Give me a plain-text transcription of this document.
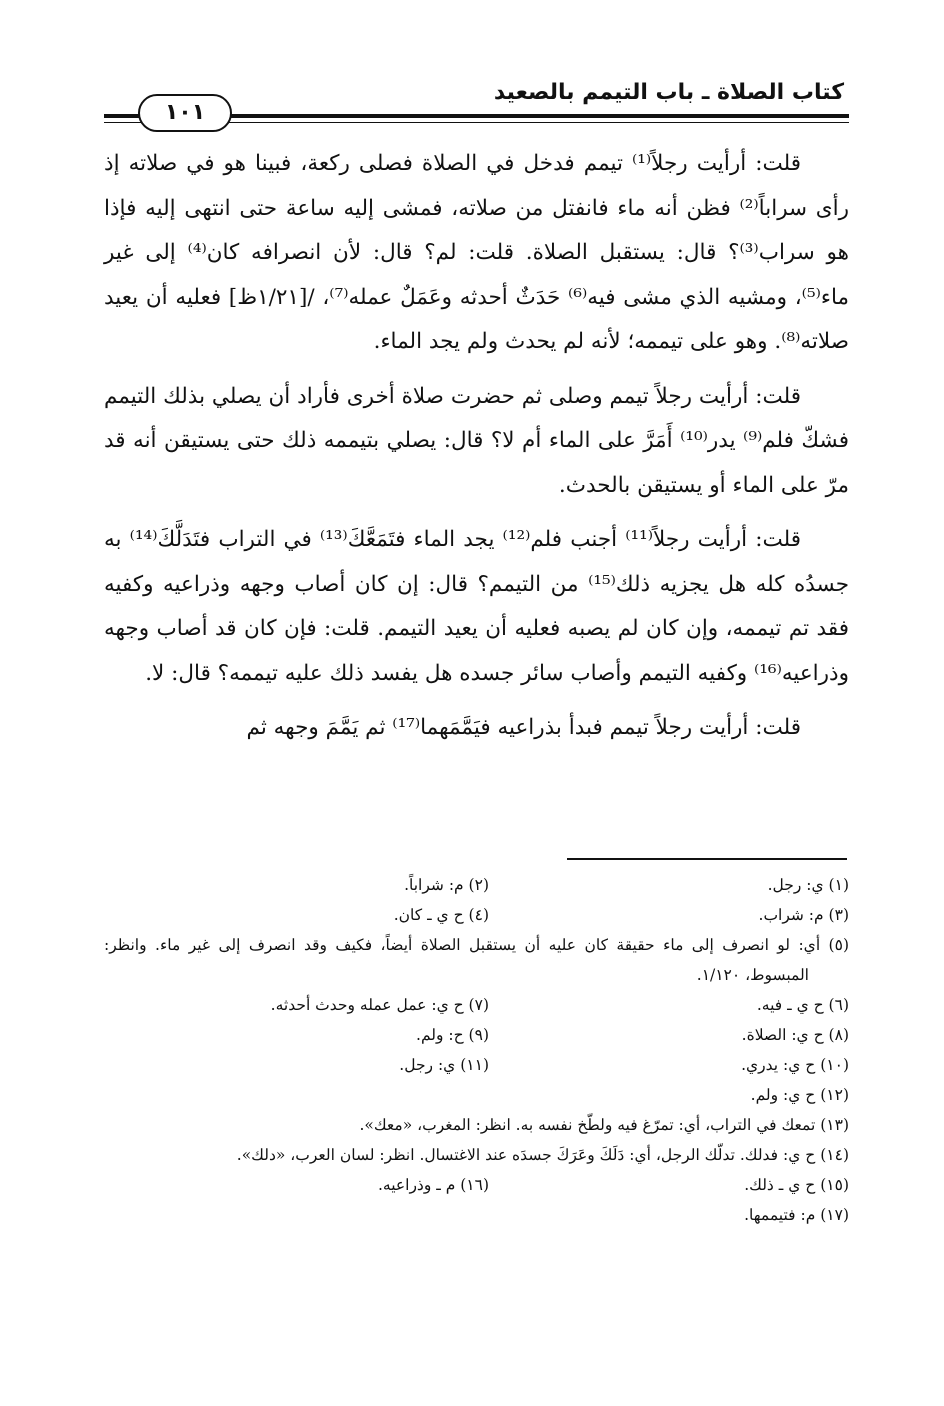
كتاب الصلاة ـ باب التيمم بالصعيد
١٠١

قلت: أرأيت رجلاً⁽¹⁾ تيمم فدخل في الصلاة فصلى ركعة، فبينا هو في صلاته إذ رأى سراباً⁽²⁾ فظن أنه ماء فانفتل من صلاته، فمشى إليه ساعة حتى انتهى إليه فإذا هو سراب⁽³⁾؟ قال: يستقبل الصلاة. قلت: لم؟ قال: لأن انصرافه كان⁽⁴⁾ إلى غير ماء⁽⁵⁾، ومشيه الذي مشى فيه⁽⁶⁾ حَدَثٌ أحدثه وعَمَلٌ عمله⁽⁷⁾، /[١/٢١ظ] فعليه أن يعيد صلاته⁽⁸⁾. وهو على تيممه؛ لأنه لم يحدث ولم يجد الماء.

قلت: أرأيت رجلاً تيمم وصلى ثم حضرت صلاة أخرى فأراد أن يصلي بذلك التيمم فشكّ فلم⁽⁹⁾ يدر⁽¹⁰⁾ أَمَرَّ على الماء أم لا؟ قال: يصلي بتيممه ذلك حتى يستيقن أنه قد مرّ على الماء أو يستيقن بالحدث.

قلت: أرأيت رجلاً⁽¹¹⁾ أجنب فلم⁽¹²⁾ يجد الماء فتَمَعَّكَ⁽¹³⁾ في التراب فتَدَلَّكَ⁽¹⁴⁾ به جسدُه كله هل يجزيه ذلك⁽¹⁵⁾ من التيمم؟ قال: إن كان أصاب وجهه وذراعيه وكفيه فقد تم تيممه، وإن كان لم يصبه فعليه أن يعيد التيمم. قلت: فإن كان قد أصاب وجهه وذراعيه⁽¹⁶⁾ وكفيه التيمم وأصاب سائر جسده هل يفسد ذلك عليه تيممه؟ قال: لا.

قلت: أرأيت رجلاً تيمم فبدأ بذراعيه فيَمَّمَهما⁽¹⁷⁾ ثم يَمَّمَ وجهه ثم

(١) ي: رجل.
(٢) م: شراباً.
(٣) م: شراب.
(٤) ح ي ـ كان.
(٥) أي: لو انصرف إلى ماء حقيقة كان عليه أن يستقبل الصلاة أيضاً، فكيف وقد انصرف إلى غير ماء. وانظر: المبسوط، ١/١٢٠.
(٦) ح ي ـ فيه.
(٧) ح ي: عمل عمله وحدث أحدثه.
(٨) ح ي: الصلاة.
(٩) ح: ولم.
(١٠) ح ي: يدري.
(١١) ي: رجل.
(١٢) ح ي: ولم.
(١٣) تمعك في التراب، أي: تمرّغ فيه ولطّخ نفسه به. انظر: المغرب، «معك».
(١٤) ح ي: فدلك. تدلّك الرجل، أي: دَلَكَ وعَرَكَ جسدَه عند الاغتسال. انظر: لسان العرب، «دلك».
(١٥) ح ي ـ ذلك.
(١٦) م ـ وذراعيه.
(١٧) م: فتيممها.
